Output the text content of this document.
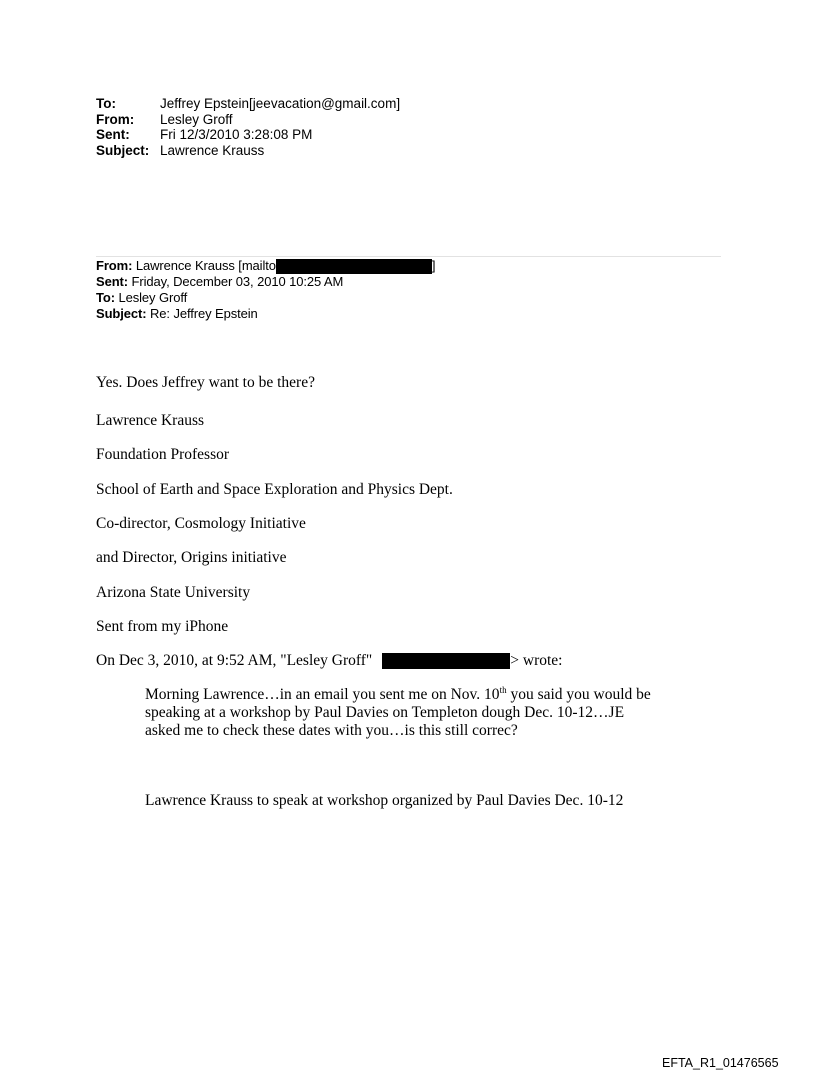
To:	Jeffrey Epstein[jeevacation@gmail.com]
From:	Lesley Groff
Sent:	Fri 12/3/2010 3:28:08 PM
Subject: Lawrence Krauss
From: Lawrence Krauss [mailto	]
Sent: Friday, December 03, 2010 10:25 AM
To: Lesley Groff
Subject: Re: Jeffrey Epstein
Yes. Does Jeffrey want to be there?
Lawrence Krauss
Foundation Professor
School of Earth and Space Exploration and Physics Dept.
Co-director, Cosmology Initiative
and Director, Origins initiative
Arizona State University
Sent from my iPhone
On Dec 3, 2010, at 9:52 AM, "Lesley Groff"	> wrote:

Morning Lawrence…in an email you sent me on Nov. 10th you said you would be

speaking at a workshop by Paul Davies on Templeton dough Dec. 10-12…JE

asked me to check these dates with you…is this still correc?

Lawrence Krauss to speak at workshop organized by Paul Davies Dec. 10-12

EFTA_R1_01476565
